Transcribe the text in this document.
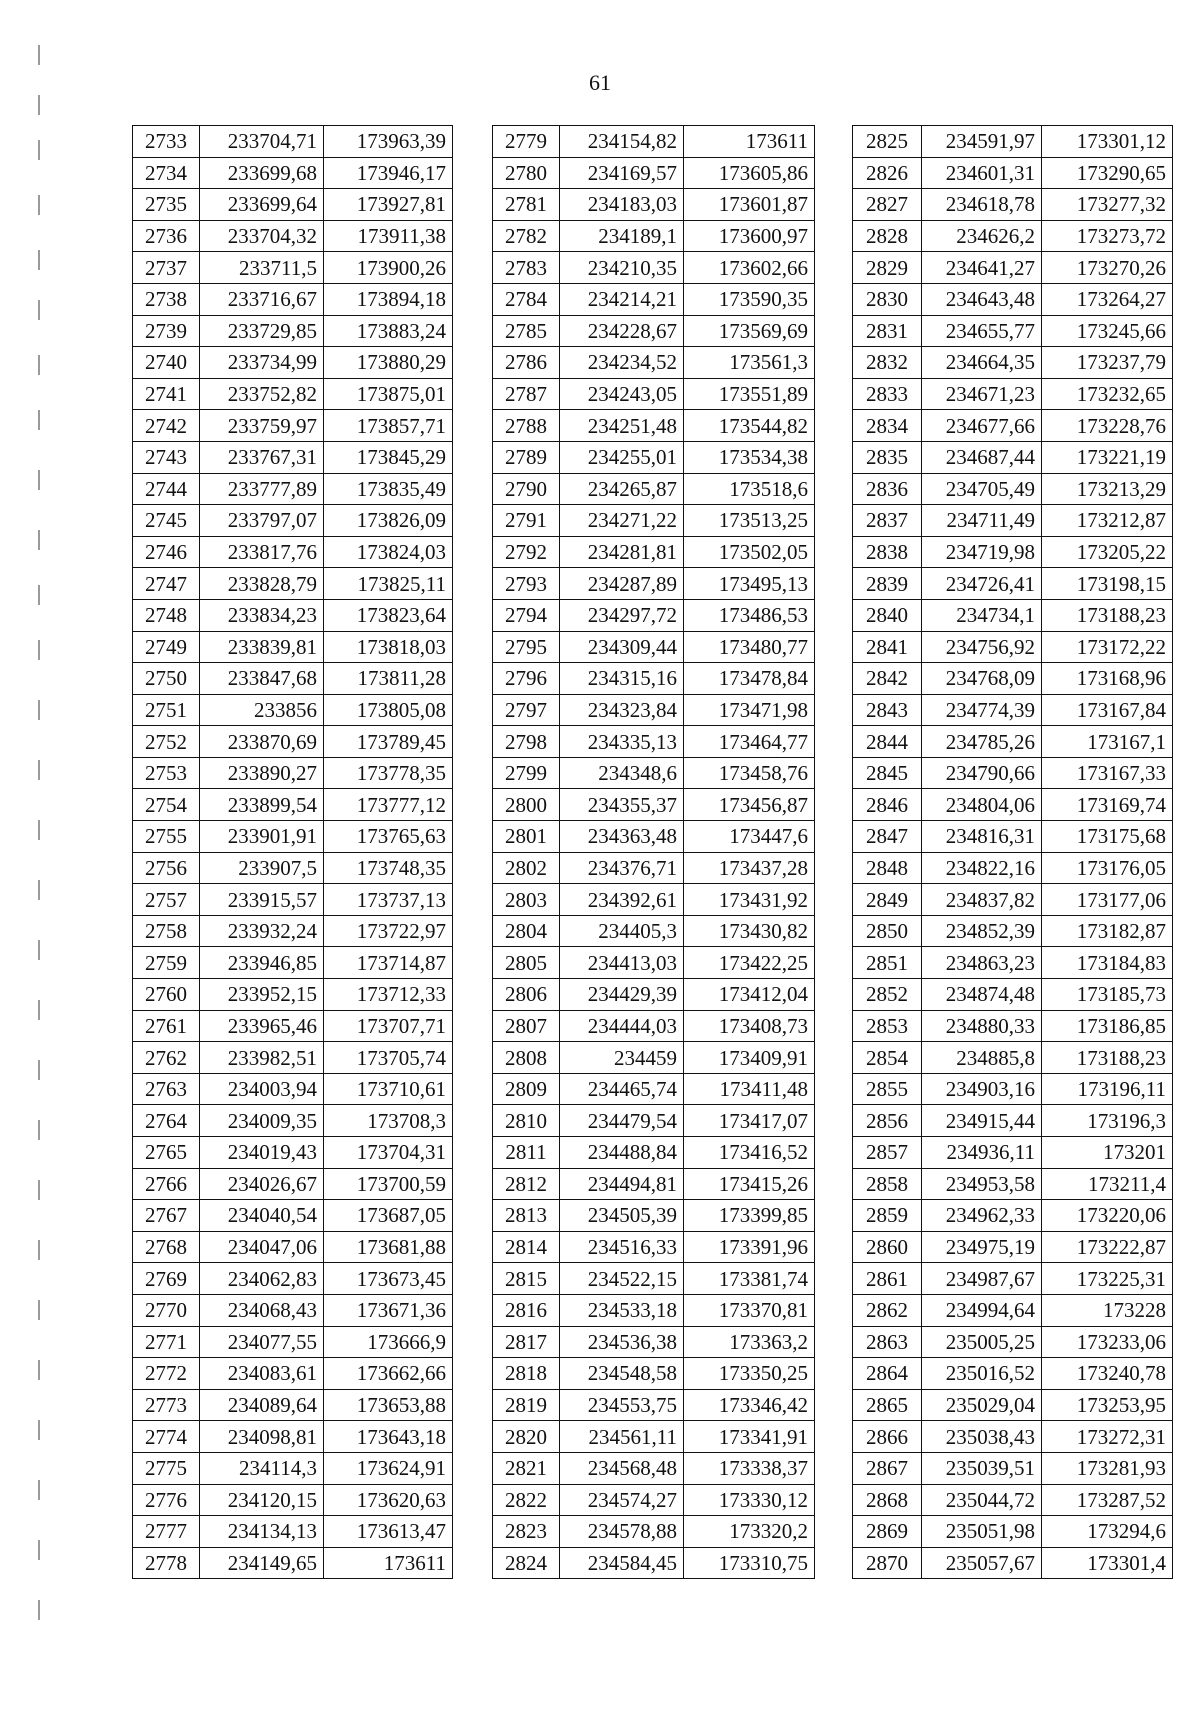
61
2733	233704,71	173963,39
2734	233699,68	173946,17
2735	233699,64	173927,81
2736	233704,32	173911,38
2737	233711,5	173900,26
2738	233716,67	173894,18
2739	233729,85	173883,24
2740	233734,99	173880,29
2741	233752,82	173875,01
2742	233759,97	173857,71
2743	233767,31	173845,29
2744	233777,89	173835,49
2745	233797,07	173826,09
2746	233817,76	173824,03
2747	233828,79	173825,11
2748	233834,23	173823,64
2749	233839,81	173818,03
2750	233847,68	173811,28
2751	233856	173805,08
2752	233870,69	173789,45
2753	233890,27	173778,35
2754	233899,54	173777,12
2755	233901,91	173765,63
2756	233907,5	173748,35
2757	233915,57	173737,13
2758	233932,24	173722,97
2759	233946,85	173714,87
2760	233952,15	173712,33
2761	233965,46	173707,71
2762	233982,51	173705,74
2763	234003,94	173710,61
2764	234009,35	173708,3
2765	234019,43	173704,31
2766	234026,67	173700,59
2767	234040,54	173687,05
2768	234047,06	173681,88
2769	234062,83	173673,45
2770	234068,43	173671,36
2771	234077,55	173666,9
2772	234083,61	173662,66
2773	234089,64	173653,88
2774	234098,81	173643,18
2775	234114,3	173624,91
2776	234120,15	173620,63
2777	234134,13	173613,47
2778	234149,65	173611
2779	234154,82	173611
2780	234169,57	173605,86
2781	234183,03	173601,87
2782	234189,1	173600,97
2783	234210,35	173602,66
2784	234214,21	173590,35
2785	234228,67	173569,69
2786	234234,52	173561,3
2787	234243,05	173551,89
2788	234251,48	173544,82
2789	234255,01	173534,38
2790	234265,87	173518,6
2791	234271,22	173513,25
2792	234281,81	173502,05
2793	234287,89	173495,13
2794	234297,72	173486,53
2795	234309,44	173480,77
2796	234315,16	173478,84
2797	234323,84	173471,98
2798	234335,13	173464,77
2799	234348,6	173458,76
2800	234355,37	173456,87
2801	234363,48	173447,6
2802	234376,71	173437,28
2803	234392,61	173431,92
2804	234405,3	173430,82
2805	234413,03	173422,25
2806	234429,39	173412,04
2807	234444,03	173408,73
2808	234459	173409,91
2809	234465,74	173411,48
2810	234479,54	173417,07
2811	234488,84	173416,52
2812	234494,81	173415,26
2813	234505,39	173399,85
2814	234516,33	173391,96
2815	234522,15	173381,74
2816	234533,18	173370,81
2817	234536,38	173363,2
2818	234548,58	173350,25
2819	234553,75	173346,42
2820	234561,11	173341,91
2821	234568,48	173338,37
2822	234574,27	173330,12
2823	234578,88	173320,2
2824	234584,45	173310,75
2825	234591,97	173301,12
2826	234601,31	173290,65
2827	234618,78	173277,32
2828	234626,2	173273,72
2829	234641,27	173270,26
2830	234643,48	173264,27
2831	234655,77	173245,66
2832	234664,35	173237,79
2833	234671,23	173232,65
2834	234677,66	173228,76
2835	234687,44	173221,19
2836	234705,49	173213,29
2837	234711,49	173212,87
2838	234719,98	173205,22
2839	234726,41	173198,15
2840	234734,1	173188,23
2841	234756,92	173172,22
2842	234768,09	173168,96
2843	234774,39	173167,84
2844	234785,26	173167,1
2845	234790,66	173167,33
2846	234804,06	173169,74
2847	234816,31	173175,68
2848	234822,16	173176,05
2849	234837,82	173177,06
2850	234852,39	173182,87
2851	234863,23	173184,83
2852	234874,48	173185,73
2853	234880,33	173186,85
2854	234885,8	173188,23
2855	234903,16	173196,11
2856	234915,44	173196,3
2857	234936,11	173201
2858	234953,58	173211,4
2859	234962,33	173220,06
2860	234975,19	173222,87
2861	234987,67	173225,31
2862	234994,64	173228
2863	235005,25	173233,06
2864	235016,52	173240,78
2865	235029,04	173253,95
2866	235038,43	173272,31
2867	235039,51	173281,93
2868	235044,72	173287,52
2869	235051,98	173294,6
2870	235057,67	173301,4
